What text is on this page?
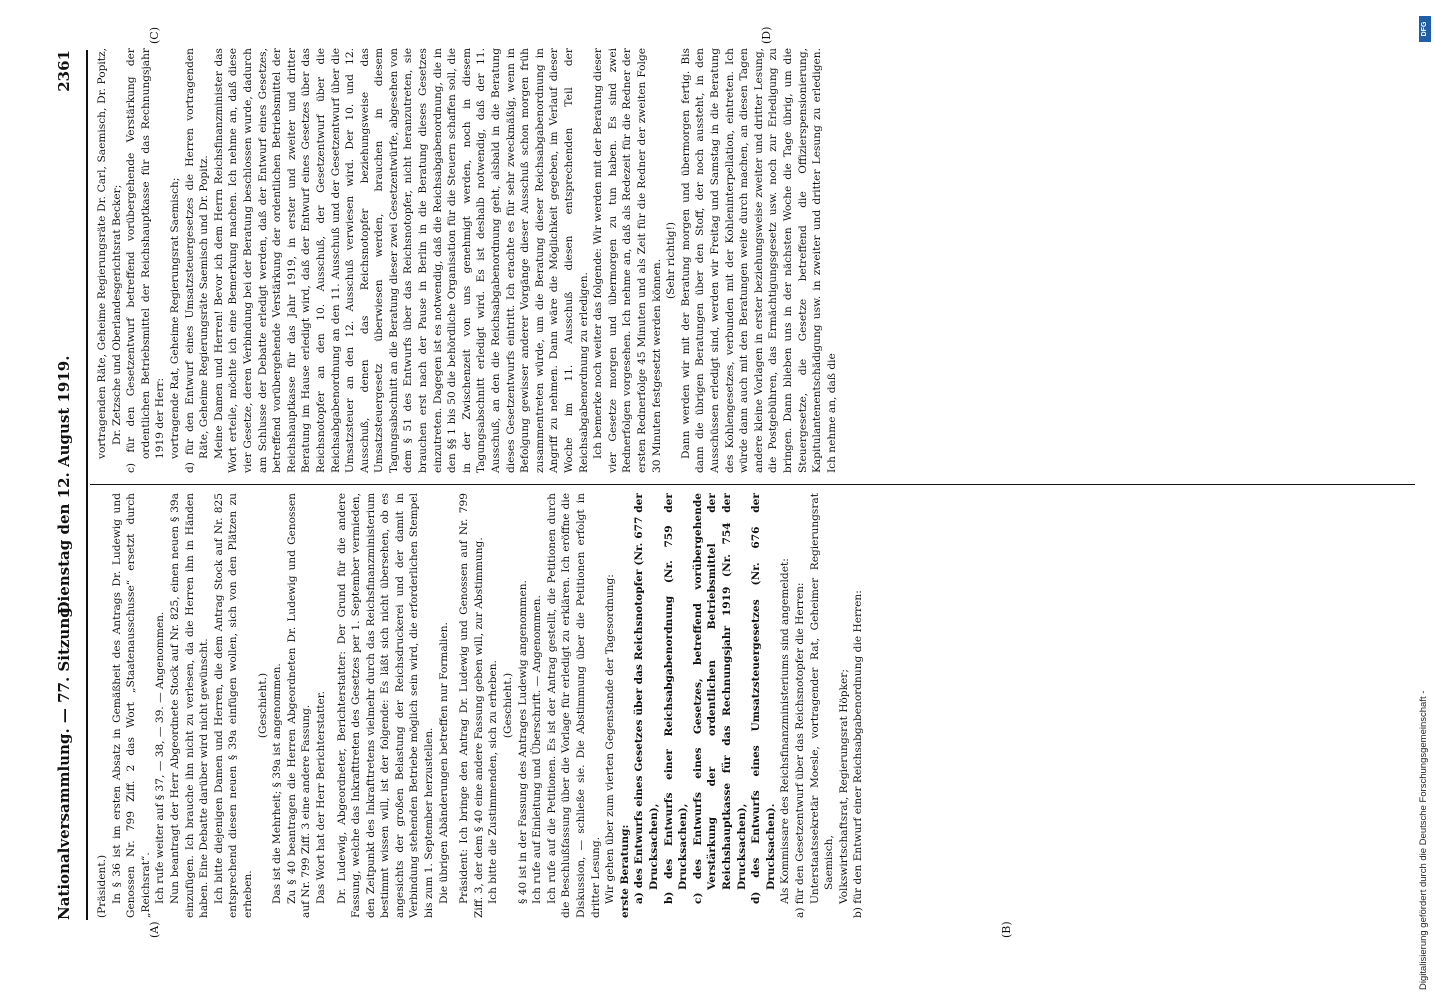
Nationalversammlung. — 77. Sitzung.
Dienstag den 12. August 1919.
2361
(A)	(B)
(C)	(D)

(Präsident.) In § 36 ist im ersten Absatz in Gemäßheit des Antrags Dr. Ludewig und Genossen Nr. 799 Ziff. 2 das Wort „Staatenausschusse“ ersetzt durch „Reichsrat“. Ich rufe weiter auf § 37, — 38, — 39. — Angenommen. Nun beantragt der Herr Abgeordnete Stock auf Nr. 825, einen neuen § 39a einzufügen. Ich brauche ihn nicht zu verlesen, da die Herren ihn in Händen haben. Eine Debatte darüber wird nicht gewünscht. Ich bitte diejenigen Damen und Herren, die dem Antrag Stock auf Nr. 825 entsprechend diesen neuen § 39a einfügen wollen, sich von den Plätzen zu erheben.

(Geschieht.) Das ist die Mehrheit; § 39a ist angenommen. Zu § 40 beantragen die Herren Abgeordneten Dr. Ludewig und Genossen auf Nr. 799 Ziff. 3 eine andere Fassung. Das Wort hat der Herr Berichterstatter. Dr. Ludewig, Abgeordneter, Berichterstatter: Der Grund für die andere Fassung, welche das Inkrafttreten des Gesetzes per 1. September vermieden, den Zeitpunkt des Inkrafttretens vielmehr durch das Reichsfinanzministerium bestimmt wissen will, ist der folgende: Es läßt sich nicht übersehen, ob es angesichts der großen Belastung der Reichsdruckerei und der damit in Verbindung stehenden Betriebe möglich sein wird, die erforderlichen Stempel bis zum 1. September herzustellen. Die übrigen Abänderungen betreffen nur Formalien. Präsident: Ich bringe den Antrag Dr. Ludewig und Genossen auf Nr. 799 Ziff. 3, der dem § 40 eine andere Fassung geben will, zur Abstimmung. Ich bitte die Zustimmenden, sich zu erheben. (Geschieht.) § 40 ist in der Fassung des Antrages Ludewig angenommen. Ich rufe auf Einleitung und Überschrift. — Angenommen. Ich rufe auf die Petitionen. Es ist der Antrag gestellt, die Petitionen durch die Beschlußfassung über die Vorlage für erledigt zu erklären. Ich eröffne die Diskussion, — schließe sie. Die Abstimmung über die Petitionen erfolgt in dritter Lesung. Wir gehen über zum vierten Gegenstande der Tagesordnung: erste Beratung: a) des Entwurfs eines Gesetzes über das Reichsnotopfer (Nr. 677 der Drucksachen), b) des Entwurfs einer Reichsabgabenordnung (Nr. 759 der Drucksachen), c) des Entwurfs eines Gesetzes, betreffend vorübergehende Verstärkung der ordentlichen Betriebsmittel der Reichshauptkasse für das Rechnungsjahr 1919 (Nr. 754 der Drucksachen), d) des Entwurfs eines Umsatzsteuergesetzes (Nr. 676 der Drucksachen). Als Kommissare des Reichsfinanzministeriums sind angemeldet: a) für den Gesetzentwurf über das Reichsnotopfer die Herren: Unterstaatssekretär Moesle, vortragender Rat, Geheimer Regierungsrat Saemisch, Volkswirtschaftsrat, Regierungsrat Höpker; b) für den Entwurf einer Reichsabgabenordnung die Herren:

vortragenden Räte, Geheime Regierungsräte Dr. Carl, Saemisch, Dr. Popitz, Dr. Zetzsche und Oberlandesgerichtsrat Becker; c) für den Gesetzentwurf betreffend vorübergehende Verstärkung der ordentlichen Betriebsmittel der Reichshauptkasse für das Rechnungsjahr 1919 der Herr: vortragende Rat, Geheime Regierungsrat Saemisch; d) für den Entwurf eines Umsatzsteuergesetzes die Herren vortragenden Räte, Geheime Regierungsräte Saemisch und Dr. Popitz. Meine Damen und Herren! Bevor ich dem Herrn Reichsfinanzminister das Wort erteile, möchte ich eine Bemerkung machen. Ich nehme an, daß diese vier Gesetze, deren Verbindung bei der Beratung beschlossen wurde, dadurch am Schlusse der Debatte erledigt werden, daß der Entwurf eines Gesetzes, betreffend vorübergehende Verstärkung der ordentlichen Betriebsmittel der Reichshauptkasse für das Jahr 1919, in erster und zweiter und dritter Beratung im Hause erledigt wird, daß der Entwurf eines Gesetzes über das Reichsnotopfer an den 10. Ausschuß, der Gesetzentwurf über die Reichsabgabenordnung an den 11. Ausschuß und der Gesetzentwurf über die Umsatzsteuer an den 12. Ausschuß verwiesen wird. Der 10. und 12. Ausschuß, denen das Reichsnotopfer beziehungsweise das Umsatzsteuergesetz überwiesen werden, brauchen in diesem Tagungsabschnitt an die Beratung dieser zwei Gesetzentwürfe, abgesehen von dem § 51 des Entwurfs über das Reichsnotopfer, nicht heranzutreten, sie brauchen erst nach der Pause in Berlin in die Beratung dieses Gesetzes einzutreten. Dagegen ist es notwendig, daß die Reichsabgabenordnung, die in den §§ 1 bis 50 die behördliche Organisation für die Steuern schaffen soll, die in der Zwischenzeit von uns genehmigt werden, noch in diesem Tagungsabschnitt erledigt wird. Es ist deshalb notwendig, daß der 11. Ausschuß, an den die Reichsabgabenordnung geht, alsbald in die Beratung dieses Gesetzentwurfs eintritt. Ich erachte es für sehr zweckmäßig, wenn in Befolgung gewisser anderer Vorgänge dieser Ausschuß schon morgen früh zusammentreten würde, um die Beratung dieser Reichsabgabenordnung in Angriff zu nehmen. Dann wäre die Möglichkeit gegeben, im Verlauf dieser Woche im 11. Ausschuß diesen entsprechenden Teil der Reichsabgabenordnung zu erledigen. Ich bemerke noch weiter das folgende: Wir werden mit der Beratung dieser vier Gesetze morgen und übermorgen zu tun haben. Es sind zwei Rednerfolgen vorgesehen. Ich nehme an, daß als Redezeit für die Redner der ersten Rednerfolge 45 Minuten und als Zeit für die Redner der zweiten Folge 30 Minuten festgesetzt werden können. (Sehr richtig!) Dann werden wir mit der Beratung morgen und übermorgen fertig. Bis dann die übrigen Beratungen über den Stoff, der noch aussteht, in den Ausschüssen erledigt sind, werden wir Freitag und Samstag in die Beratung des Kohlengesetzes, verbunden mit der Kohleninterpellation, eintreten. Ich würde dann auch mit den Beratungen weite durch machen, an diesen Tagen andere kleine Vorlagen in erster beziehungsweise zweiter und dritter Lesung, die Postgebühren, das Ermächtigungsgesetz usw. noch zur Erledigung zu bringen. Dann blieben uns in der nächsten Woche die Tage übrig, um die Steuergesetze, die Gesetze betreffend die Offizierspensionierung, Kapitulantenentschädigung usw. in zweiter und dritter Lesung zu erledigen. Ich nehme an, daß die

DFG
Digitalisierung gefördert durch die Deutsche Forschungsgemeinschaft -
